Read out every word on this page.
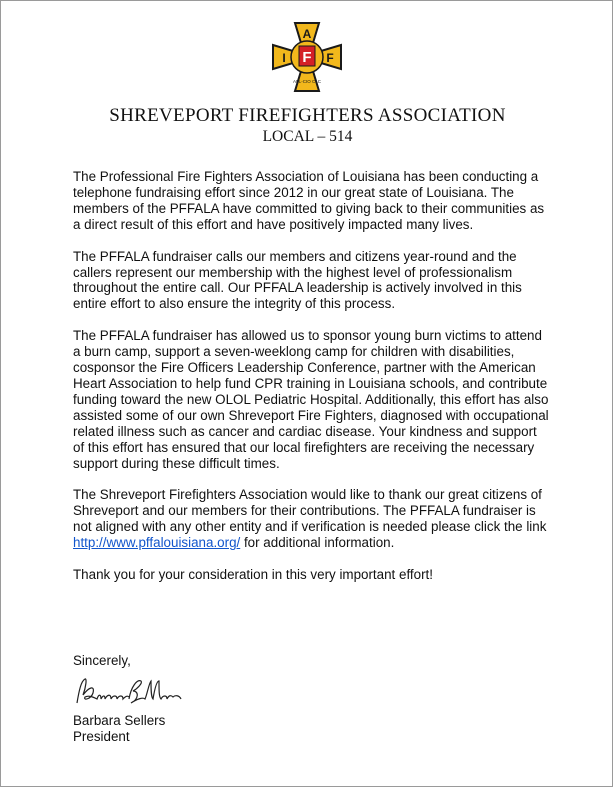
F
A
I	F
AFL-CIO CLC
SHREVEPORT FIREFIGHTERS ASSOCIATION
LOCAL – 514

The Professional Fire Fighters Association of Louisiana has been conducting a telephone fundraising effort since 2012 in our great state of Louisiana. The members of the PFFALA have committed to giving back to their communities as a direct result of this effort and have positively impacted many lives.

The PFFALA fundraiser calls our members and citizens year-round and the callers represent our membership with the highest level of professionalism throughout the entire call. Our PFFALA leadership is actively involved in this entire effort to also ensure the integrity of this process.

The PFFALA fundraiser has allowed us to sponsor young burn victims to attend a burn camp, support a seven-weeklong camp for children with disabilities, cosponsor the Fire Officers Leadership Conference, partner with the American Heart Association to help fund CPR training in Louisiana schools, and contribute funding toward the new OLOL Pediatric Hospital. Additionally, this effort has also assisted some of our own Shreveport Fire Fighters, diagnosed with occupational related illness such as cancer and cardiac disease. Your kindness and support of this effort has ensured that our local firefighters are receiving the necessary support during these difficult times.

The Shreveport Firefighters Association would like to thank our great citizens of Shreveport and our members for their contributions. The PFFALA fundraiser is not aligned with any other entity and if verification is needed please click the link http://www.pffalouisiana.org/ for additional information.

Thank you for your consideration in this very important effort!

Sincerely,
Barbara Sellers
President
